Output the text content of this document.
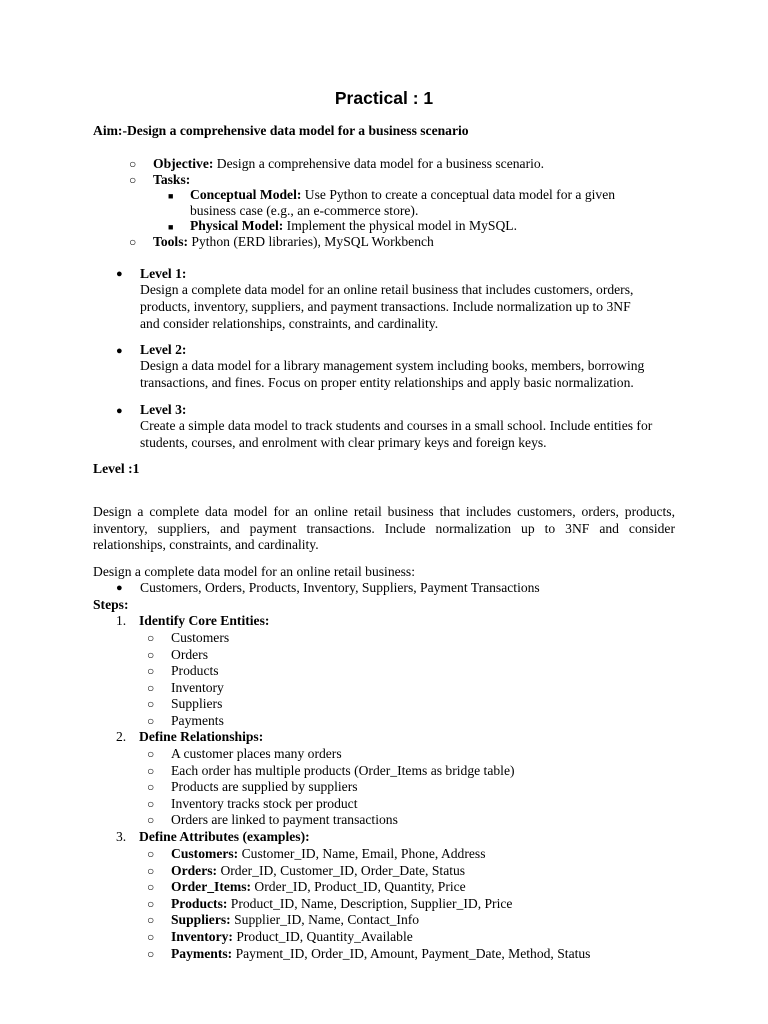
Practical : 1
Aim:-Design a comprehensive data model for a business scenario
○ Objective: Design a comprehensive data model for a business scenario.
○ Tasks:
■ Conceptual Model: Use Python to create a conceptual data model for a given
business case (e.g., an e-commerce store).
■ Physical Model: Implement the physical model in MySQL.
○ Tools: Python (ERD libraries), MySQL Workbench
● Level 1:
Design a complete data model for an online retail business that includes customers, orders,
products, inventory, suppliers, and payment transactions. Include normalization up to 3NF
and consider relationships, constraints, and cardinality.
● Level 2:
Design a data model for a library management system including books, members, borrowing
transactions, and fines. Focus on proper entity relationships and apply basic normalization.
● Level 3:
Create a simple data model to track students and courses in a small school. Include entities for
students, courses, and enrolment with clear primary keys and foreign keys.
Level :1
Design a complete data model for an online retail business that includes customers, orders, products, inventory, suppliers, and payment transactions. Include normalization up to 3NF and consider relationships, constraints, and cardinality.
Design a complete data model for an online retail business:
● Customers, Orders, Products, Inventory, Suppliers, Payment Transactions
Steps:
1. Identify Core Entities:
○ Customers
○ Orders
○ Products
○ Inventory
○ Suppliers
○ Payments
2. Define Relationships:
○ A customer places many orders
○ Each order has multiple products (Order_Items as bridge table)
○ Products are supplied by suppliers
○ Inventory tracks stock per product
○ Orders are linked to payment transactions
3. Define Attributes (examples):
○ Customers: Customer_ID, Name, Email, Phone, Address
○ Orders: Order_ID, Customer_ID, Order_Date, Status
○ Order_Items: Order_ID, Product_ID, Quantity, Price
○ Products: Product_ID, Name, Description, Supplier_ID, Price
○ Suppliers: Supplier_ID, Name, Contact_Info
○ Inventory: Product_ID, Quantity_Available
○ Payments: Payment_ID, Order_ID, Amount, Payment_Date, Method, Status
